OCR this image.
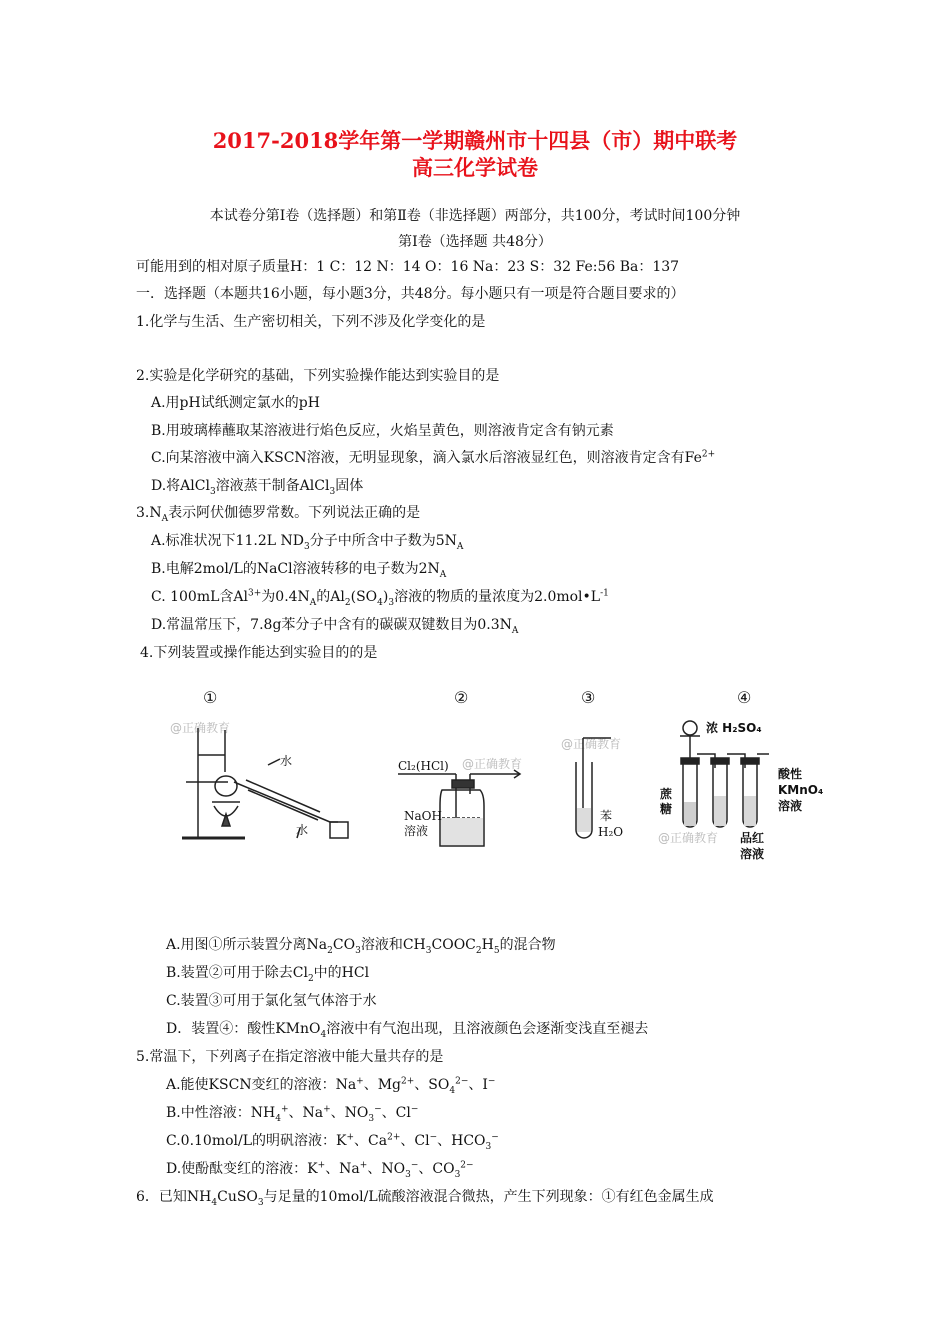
2017-2018学年第一学期赣州市十四县（市）期中联考
高三化学试卷
本试卷分第Ⅰ卷（选择题）和第Ⅱ卷（非选择题）两部分，共100分，考试时间100分钟
第Ⅰ卷（选择题 共48分）
可能用到的相对原子质量H：1 C：12 N：14 O：16 Na：23 S：32 Fe:56 Ba：137
一．选择题（本题共16小题，每小题3分，共48分。每小题只有一项是符合题目要求的）
1.化学与生活、生产密切相关，下列不涉及化学变化的是
2.实验是化学研究的基础，下列实验操作能达到实验目的是
A.用pH试纸测定氯水的pH
B.用玻璃棒蘸取某溶液进行焰色反应，火焰呈黄色，则溶液肯定含有钠元素
C.向某溶液中滴入KSCN溶液，无明显现象，滴入氯水后溶液显红色，则溶液肯定含有$Fe^{2+}$
D.将AlCl$_3$溶液蒸干制备AlCl$_3$固体
$3.N_A$表示阿伏伽德罗常数。下列说法正确的是
A.标准状况下11.2L $ND_3$分子中所含中子数为$5N_A$
B.电解2mol/L的NaCl溶液转移的电子数为$2N_A$
C. 100mL含$Al^{3+}$为$0.4N_A$的$Al_2(SO_4)_3$溶液的物质的量浓度为$2.0mol•L^{-1}$
D.常温常压下，7.8g苯分子中含有的碳碳双键数目为$0.3N_A$
4.下列装置或操作能达到实验目的的是
①	②	③	④
@正确教育
水
水
@正确教育
Cl₂(HCl)
NaOH
溶液
@正确教育
苯
H₂O	@正确教育
浓 H₂SO₄
蔗
糖
酸性
KMnO₄
溶液
品红
溶液
A.用图①所示装置分离$Na_2CO_3$溶液和$CH_3COOC_2H_5$的混合物
B.装置②可用于除去$Cl_2$中的HCl
C.装置③可用于氯化氢气体溶于水
D．装置④：酸性KMnO$_4$溶液中有气泡出现，且溶液颜色会逐渐变浅直至褪去
5.常温下，下列离子在指定溶液中能大量共存的是
A.能使KSCN变红的溶液：Na+、$Mg^{2+}$、$SO_4^{2-}$、I−
B.中性溶液：$NH_4^+$、Na+、$NO_3^-$、Cl−
C.0.10mol/L的明矾溶液：K+、$Ca^{2+}$、Cl−、$HCO_3^-$
D.使酚酞变红的溶液：K+、Na+、$NO_3^-$、$CO_3^{2-}$
6．已知$NH_4CuSO_3$与足量的10mol/L硫酸溶液混合微热，产生下列现象：①有红色金属生成
